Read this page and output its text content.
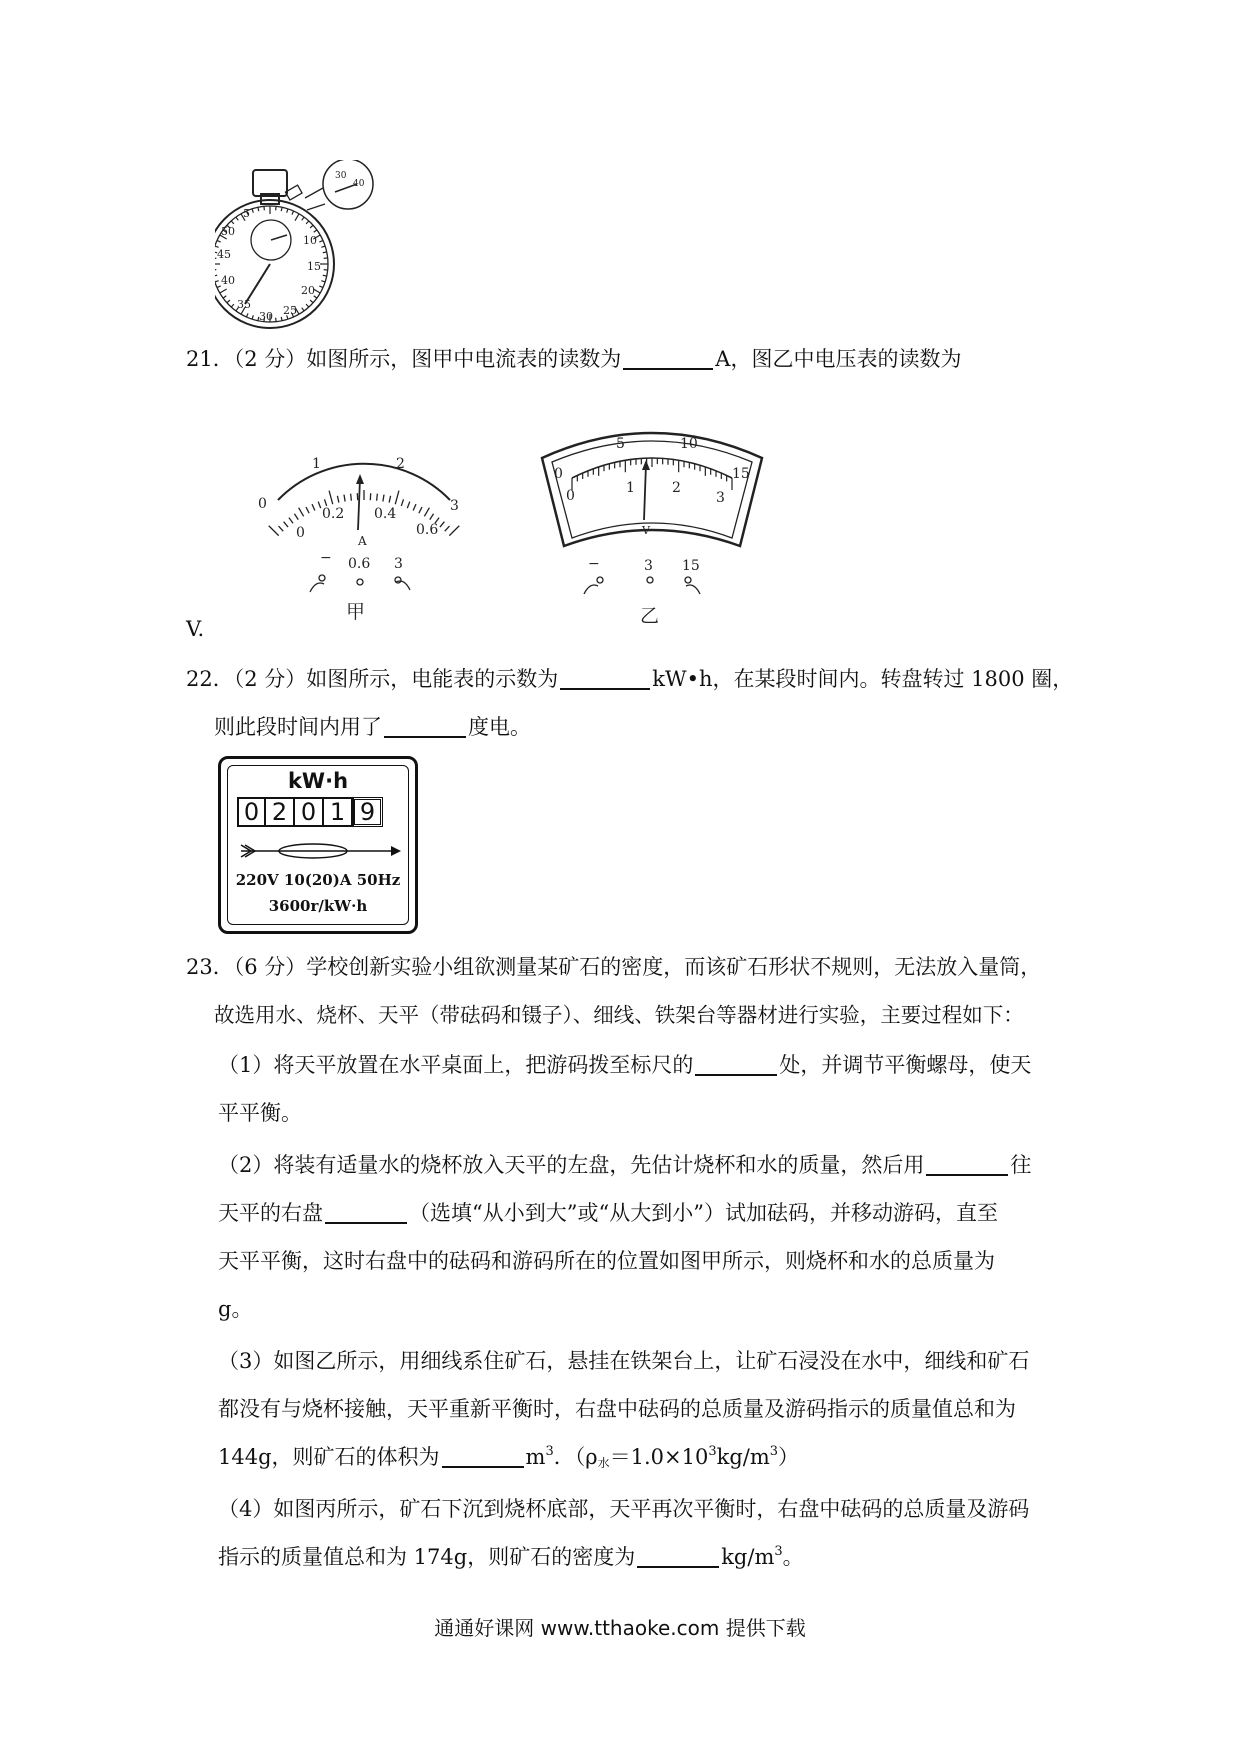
5
50
45
40
35
30 25
20
15
10
30
40
21．（2 分）如图所示，图甲中电流表的读数为	A，图乙中电压表的读数为
0
1	2
3
0
0.2 0.4
0.6
A
− 0.6 3
甲
0
5	10
15
0	1	2
3
V
−	3 15
乙
V.
22．（2 分）如图所示，电能表的示数为	kW•h，在某段时间内。转盘转过 1800 圈，
则此段时间内用了	度电。
kW·h
0 2 0 1 9
220V 10(20)A 50Hz
3600r/kW·h
23．（6 分）学校创新实验小组欲测量某矿石的密度，而该矿石形状不规则，无法放入量筒，
故选用水、烧杯、天平（带砝码和镊子）、细线、铁架台等器材进行实验，主要过程如下：
（1）将天平放置在水平桌面上，把游码拨至标尺的	处，并调节平衡螺母，使天
平平衡。
（2）将装有适量水的烧杯放入天平的左盘，先估计烧杯和水的质量，然后用	往
天平的右盘	（选填“从小到大”或“从大到小”）试加砝码，并移动游码，直至
天平平衡，这时右盘中的砝码和游码所在的位置如图甲所示，则烧杯和水的总质量为
g。
（3）如图乙所示，用细线系住矿石，悬挂在铁架台上，让矿石浸没在水中，细线和矿石
都没有与烧杯接触，天平重新平衡时，右盘中砝码的总质量及游码指示的质量值总和为
144g，则矿石的体积为	$m^3$．$(\rho_水=1.0\times 10^3kg/m^3)$
（4）如图丙所示，矿石下沉到烧杯底部，天平再次平衡时，右盘中砝码的总质量及游码
指示的质量值总和为 174g，则矿石的密度为	$kg/m^3$。
通通好课网 www.tthaoke.com 提供下载
